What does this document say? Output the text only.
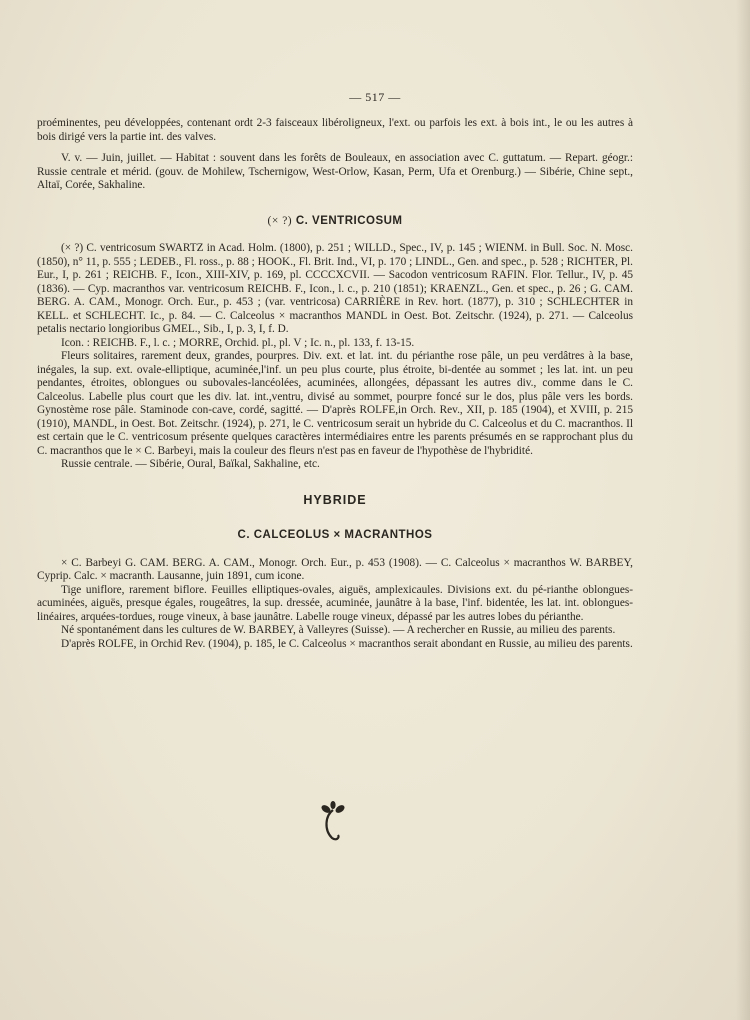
— 517 —

proéminentes, peu développées, contenant ordt 2-3 faisceaux libéroligneux, l'ext. ou parfois les ext. à bois int., le ou les autres à bois dirigé vers la partie int. des valves.

V. v. — Juin, juillet. — Habitat : souvent dans les forêts de Bouleaux, en association avec C. guttatum. — Repart. géogr.: Russie centrale et mérid. (gouv. de Mohilew, Tschernigow, West-Orlow, Kasan, Perm, Ufa et Orenburg.) — Sibérie, Chine sept., Altaï, Corée, Sakhaline.

(× ?) C. VENTRICOSUM

(× ?) C. ventricosum SWARTZ in Acad. Holm. (1800), p. 251 ; WILLD., Spec., IV, p. 145 ; WIENM. in Bull. Soc. N. Mosc. (1850), n° 11, p. 555 ; LEDEB., Fl. ross., p. 88 ; HOOK., Fl. Brit. Ind., VI, p. 170 ; LINDL., Gen. and spec., p. 528 ; RICHTER, Pl. Eur., I, p. 261 ; REICHB. F., Icon., XIII-XIV, p. 169, pl. CCCCXCVII. — Sacodon ventricosum RAFIN. Flor. Tellur., IV, p. 45 (1836). — Cyp. macranthos var. ventricosum REICHB. F., Icon., l. c., p. 210 (1851); KRAENZL., Gen. et spec., p. 26 ; G. CAM. BERG. A. CAM., Monogr. Orch. Eur., p. 453 ; (var. ventricosa) CARRIÈRE in Rev. hort. (1877), p. 310 ; SCHLECHTER in KELL. et SCHLECHT. Ic., p. 84. — C. Calceolus × macranthos MANDL in Oest. Bot. Zeitschr. (1924), p. 271. — Calceolus petalis nectario longioribus GMEL., Sib., I, p. 3, I, f. D.

Icon. : REICHB. F., l. c. ; MORRE, Orchid. pl., pl. V ; Ic. n., pl. 133, f. 13-15.

Fleurs solitaires, rarement deux, grandes, pourpres. Div. ext. et lat. int. du périanthe rose pâle, un peu verdâtres à la base, inégales, la sup. ext. ovale-elliptique, acuminée,l'inf. un peu plus courte, plus étroite, bi-dentée au sommet ; les lat. int. un peu pendantes, étroites, oblongues ou subovales-lancéolées, acuminées, allongées, dépassant les autres div., comme dans le C. Calceolus. Labelle plus court que les div. lat. int.,ventru, divisé au sommet, pourpre foncé sur le dos, plus pâle vers les bords. Gynostème rose pâle. Staminode con-cave, cordé, sagitté. — D'après ROLFE,in Orch. Rev., XII, p. 185 (1904), et XVIII, p. 215 (1910), MANDL, in Oest. Bot. Zeitschr. (1924), p. 271, le C. ventricosum serait un hybride du C. Calceolus et du C. macranthos. Il est certain que le C. ventricosum présente quelques caractères intermédiaires entre les parents présumés en se rapprochant plus du C. macranthos que le × C. Barbeyi, mais la couleur des fleurs n'est pas en faveur de l'hypothèse de l'hybridité.

Russie centrale. — Sibérie, Oural, Baïkal, Sakhaline, etc.

HYBRIDE
C. CALCEOLUS × MACRANTHOS

× C. Barbeyi G. CAM. BERG. A. CAM., Monogr. Orch. Eur., p. 453 (1908). — C. Calceolus × macranthos W. BARBEY, Cyprip. Calc. × macranth. Lausanne, juin 1891, cum icone.

Tige uniflore, rarement biflore. Feuilles elliptiques-ovales, aiguës, amplexicaules. Divisions ext. du pé-rianthe oblongues-acuminées, aiguës, presque égales, rougeâtres, la sup. dressée, acuminée, jaunâtre à la base, l'inf. bidentée, les lat. int. oblongues-linéaires, arquées-tordues, rouge vineux, à base jaunâtre. Labelle rouge vineux, dépassé par les autres lobes du périanthe.

Né spontanément dans les cultures de W. BARBEY, à Valleyres (Suisse). — A rechercher en Russie, au milieu des parents.

D'après ROLFE, in Orchid Rev. (1904), p. 185, le C. Calceolus × macranthos serait abondant en Russie, au milieu des parents.
